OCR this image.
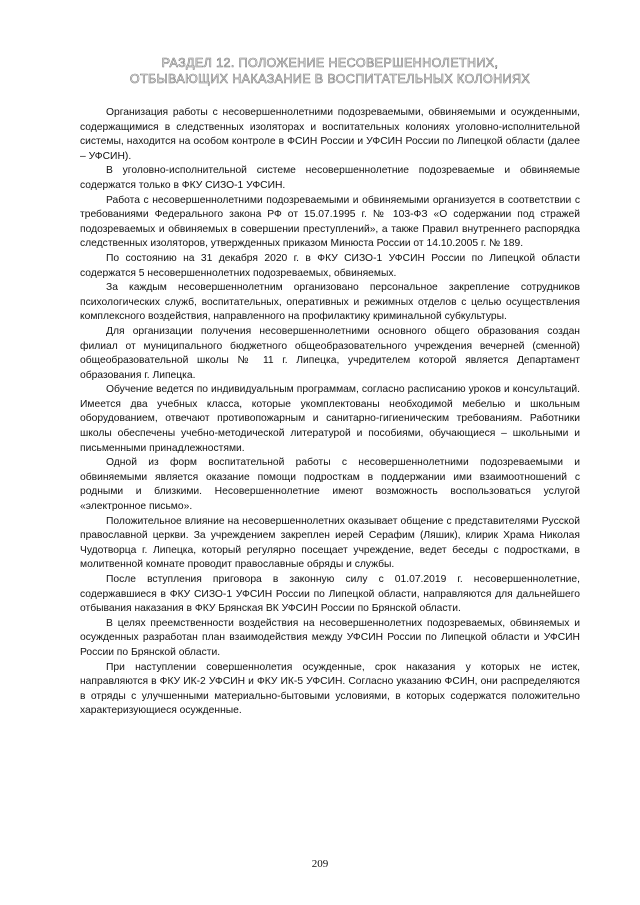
РАЗДЕЛ 12. ПОЛОЖЕНИЕ НЕСОВЕРШЕННОЛЕТНИХ,
ОТБЫВАЮЩИХ НАКАЗАНИЕ В ВОСПИТАТЕЛЬНЫХ КОЛОНИЯХ

Организация работы с несовершеннолетними подозреваемыми, обвиняемыми и осужденными, содержащимися в следственных изоляторах и воспитательных колониях уголовно-исполнительной системы, находится на особом контроле в ФСИН России и УФСИН России по Липецкой области (далее – УФСИН).

В уголовно-исполнительной системе несовершеннолетние подозреваемые и обвиняемые содержатся только в ФКУ СИЗО-1 УФСИН.

Работа с несовершеннолетними подозреваемыми и обвиняемыми организуется в соответствии с требованиями Федерального закона РФ от 15.07.1995 г. № 103-ФЗ «О содержании под стражей подозреваемых и обвиняемых в совершении преступлений», а также Правил внутреннего распорядка следственных изоляторов, утвержденных приказом Минюста России от 14.10.2005 г. № 189.

По состоянию на 31 декабря 2020 г. в ФКУ СИЗО-1 УФСИН России по Липецкой области содержатся 5 несовершеннолетних подозреваемых, обвиняемых.

За каждым несовершеннолетним организовано персональное закрепление сотрудников психологических служб, воспитательных, оперативных и режимных отделов с целью осуществления комплексного воздействия, направленного на профилактику криминальной субкультуры.

Для организации получения несовершеннолетними основного общего образования создан филиал от муниципального бюджетного общеобразовательного учреждения вечерней (сменной) общеобразовательной школы № 11 г. Липецка, учредителем которой является Департамент образования г. Липецка.

Обучение ведется по индивидуальным программам, согласно расписанию уроков и консультаций. Имеется два учебных класса, которые укомплектованы необходимой мебелью и школьным оборудованием, отвечают противопожарным и санитарно-гигиеническим требованиям. Работники школы обеспечены учебно-методической литературой и пособиями, обучающиеся – школьными и письменными принадлежностями.

Одной из форм воспитательной работы с несовершеннолетними подозреваемыми и обвиняемыми является оказание помощи подросткам в поддержании ими взаимоотношений с родными и близкими. Несовершеннолетние имеют возможность воспользоваться услугой «электронное письмо».

Положительное влияние на несовершеннолетних оказывает общение с представителями Русской православной церкви. За учреждением закреплен иерей Серафим (Ляшик), клирик Храма Николая Чудотворца г. Липецка, который регулярно посещает учреждение, ведет беседы с подростками, в молитвенной комнате проводит православные обряды и службы.

После вступления приговора в законную силу с 01.07.2019 г. несовершеннолетние, содержавшиеся в ФКУ СИЗО-1 УФСИН России по Липецкой области, направляются для дальнейшего отбывания наказания в ФКУ Брянская ВК УФСИН России по Брянской области.

В целях преемственности воздействия на несовершеннолетних подозреваемых, обвиняемых и осужденных разработан план взаимодействия между УФСИН России по Липецкой области и УФСИН России по Брянской области.

При наступлении совершеннолетия осужденные, срок наказания у которых не истек, направляются в ФКУ ИК-2 УФСИН и ФКУ ИК-5 УФСИН. Согласно указанию ФСИН, они распределяются в отряды с улучшенными материально-бытовыми условиями, в которых содержатся положительно характеризующиеся осужденные.

209
